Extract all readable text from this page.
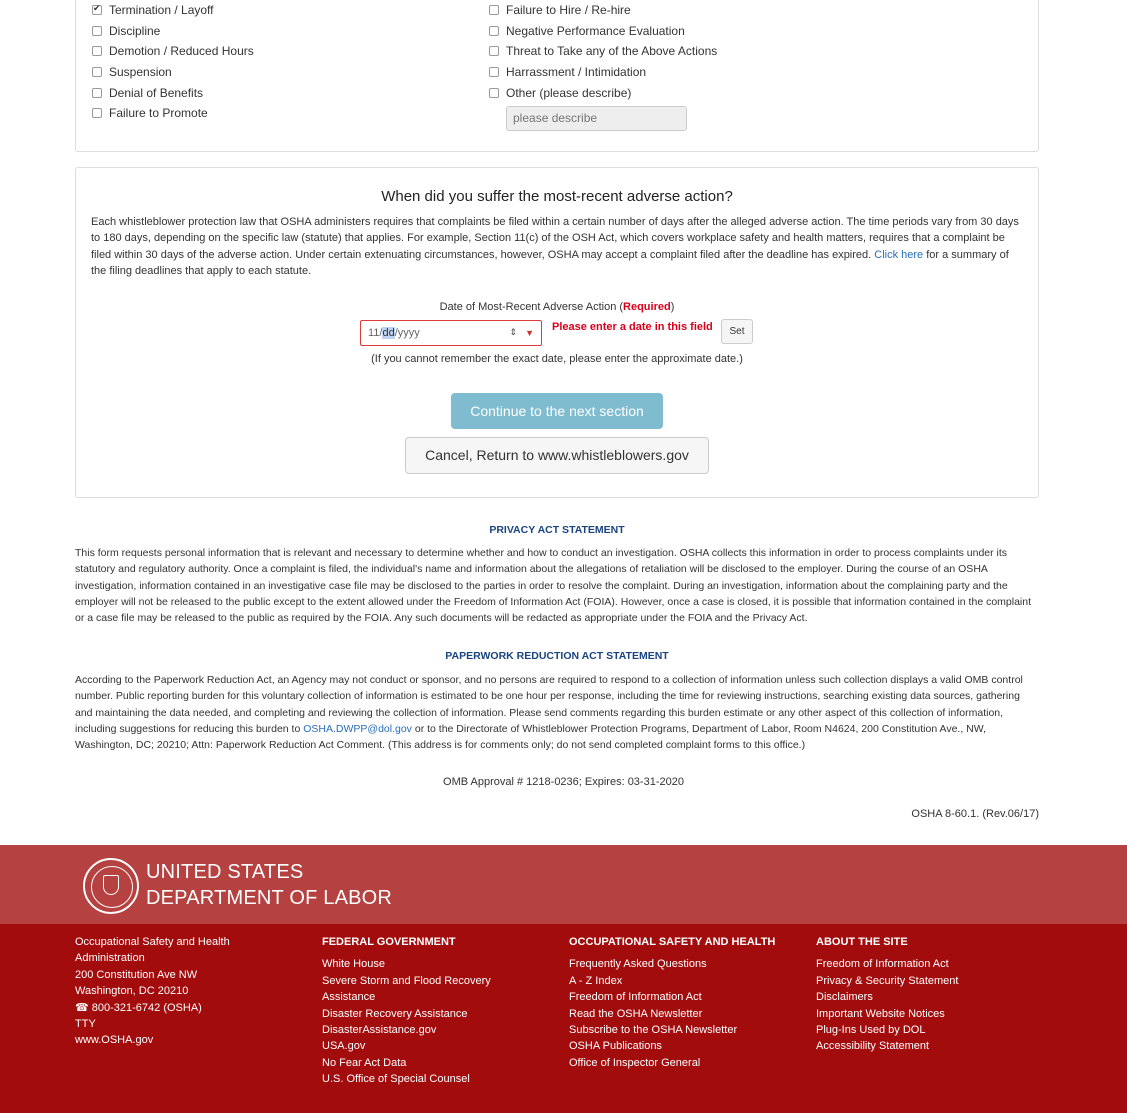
✔
Termination / Layoff
Discipline
Demotion / Reduced Hours
Suspension
Denial of Benefits
Failure to Promote
Failure to Hire / Re-hire
Negative Performance Evaluation
Threat to Take any of the Above Actions
Harrassment / Intimidation
Other (please describe)
please describe
When did you suffer the most-recent adverse action?
Each whistleblower protection law that OSHA administers requires that complaints be filed within a certain number of days after the alleged adverse action. The time periods vary from 30 days to 180 days, depending on the specific law (statute) that applies. For example, Section 11(c) of the OSH Act, which covers workplace safety and health matters, requires that a complaint be filed within 30 days of the adverse action. Under certain extenuating circumstances, however, OSHA may accept a complaint filed after the deadline has expired. Click here for a summary of the filing deadlines that apply to each statute.
Date of Most-Recent Adverse Action (Required)
11 / dd / yyyy	⇕ ▼ Please enter a date in this field	Set
(If you cannot remember the exact date, please enter the approximate date.)
Continue to the next section
Cancel, Return to www.whistleblowers.gov
PRIVACY ACT STATEMENT
This form requests personal information that is relevant and necessary to determine whether and how to conduct an investigation. OSHA collects this information in order to process complaints under its statutory and regulatory authority. Once a complaint is filed, the individual's name and information about the allegations of retaliation will be disclosed to the employer. During the course of an OSHA investigation, information contained in an investigative case file may be disclosed to the parties in order to resolve the complaint. During an investigation, information about the complaining party and the employer will not be released to the public except to the extent allowed under the Freedom of Information Act (FOIA). However, once a case is closed, it is possible that information contained in the complaint or a case file may be released to the public as required by the FOIA. Any such documents will be redacted as appropriate under the FOIA and the Privacy Act.
PAPERWORK REDUCTION ACT STATEMENT
According to the Paperwork Reduction Act, an Agency may not conduct or sponsor, and no persons are required to respond to a collection of information unless such collection displays a valid OMB control number. Public reporting burden for this voluntary collection of information is estimated to be one hour per response, including the time for reviewing instructions, searching existing data sources, gathering and maintaining the data needed, and completing and reviewing the collection of information. Please send comments regarding this burden estimate or any other aspect of this collection of information, including suggestions for reducing this burden to OSHA.DWPP@dol.gov or to the Directorate of Whistleblower Protection Programs, Department of Labor, Room N4624, 200 Constitution Ave., NW, Washington, DC; 20210; Attn: Paperwork Reduction Act Comment. (This address is for comments only; do not send completed complaint forms to this office.)
OMB Approval # 1218-0236; Expires: 03-31-2020
OSHA 8-60.1. (Rev.06/17)
UNITED STATES
DEPARTMENT OF LABOR
Occupational Safety and Health Administration
200 Constitution Ave NW
Washington, DC 20210
☎ 800-321-6742 (OSHA)
TTY
www.OSHA.gov
FEDERAL GOVERNMENT
White House
Severe Storm and Flood Recovery Assistance
Disaster Recovery Assistance
DisasterAssistance.gov
USA.gov
No Fear Act Data
U.S. Office of Special Counsel
OCCUPATIONAL SAFETY AND HEALTH
Frequently Asked Questions
A - Z Index
Freedom of Information Act
Read the OSHA Newsletter
Subscribe to the OSHA Newsletter
OSHA Publications
Office of Inspector General
ABOUT THE SITE
Freedom of Information Act
Privacy & Security Statement
Disclaimers
Important Website Notices
Plug-Ins Used by DOL
Accessibility Statement
